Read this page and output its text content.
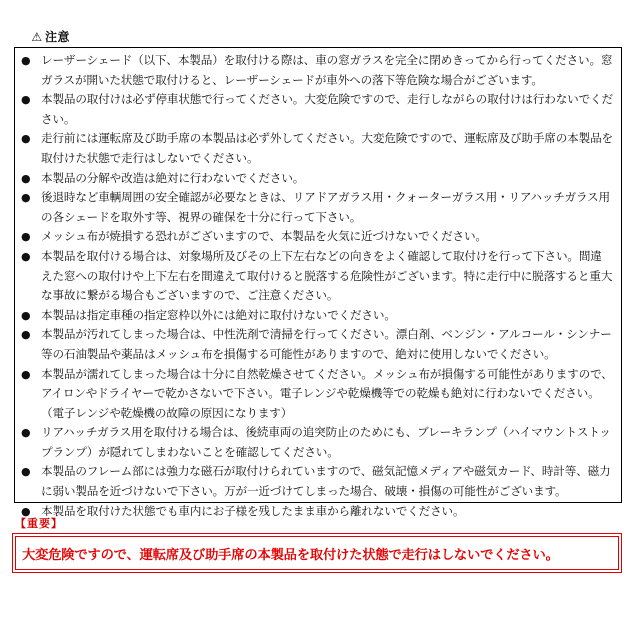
⚠ 注意
● レーザーシェード（以下、本製品）を取付ける際は、車の窓ガラスを完全に閉めきってから行ってください。窓ガラスが開いた状態で取付けると、レーザーシェードが車外への落下等危険な場合がございます。
● 本製品の取付けは必ず停車状態で行ってください。大変危険ですので、走行しながらの取付けは行わないでください。
● 走行前には運転席及び助手席の本製品は必ず外してください。大変危険ですので、運転席及び助手席の本製品を取付けた状態で走行はしないでください。
● 本製品の分解や改造は絶対に行わないでください。
● 後退時など車輌周囲の安全確認が必要なときは、リアドアガラス用・クォーターガラス用・リアハッチガラス用の各シェードを取外す等、視界の確保を十分に行って下さい。
● メッシュ布が焼損する恐れがございますので、本製品を火気に近づけないでください。
● 本製品を取付ける場合は、対象場所及びその上下左右などの向きをよく確認して取付けを行って下さい。間違えた窓への取付けや上下左右を間違えて取付けると脱落する危険性がございます。特に走行中に脱落すると重大な事故に繋がる場合もございますので、ご注意ください。
● 本製品は指定車種の指定窓枠以外には絶対に取付けないでください。
● 本製品が汚れてしまった場合は、中性洗剤で清掃を行ってください。漂白剤、ベンジン・アルコール・シンナー等の石油製品や薬品はメッシュ布を損傷する可能性がありますので、絶対に使用しないでください。
● 本製品が濡れてしまった場合は十分に自然乾燥させてください。メッシュ布が損傷する可能性がありますので、アイロンやドライヤーで乾かさないで下さい。電子レンジや乾燥機等での乾燥も絶対に行わないでください。（電子レンジや乾燥機の故障の原因になります）
● リアハッチガラス用を取付ける場合は、後続車両の追突防止のためにも、ブレーキランプ（ハイマウントストップランプ）が隠れてしまわないことを確認してください。
● 本製品のフレーム部には強力な磁石が取付けられていますので、磁気記憶メディアや磁気カード、時計等、磁力に弱い製品を近づけないで下さい。万が一近づけてしまった場合、破壊・損傷の可能性がございます。
● 本製品を取付けた状態でも車内にお子様を残したまま車から離れないでください。
【重要】
大変危険ですので、運転席及び助手席の本製品を取付けた状態で走行はしないでください。
